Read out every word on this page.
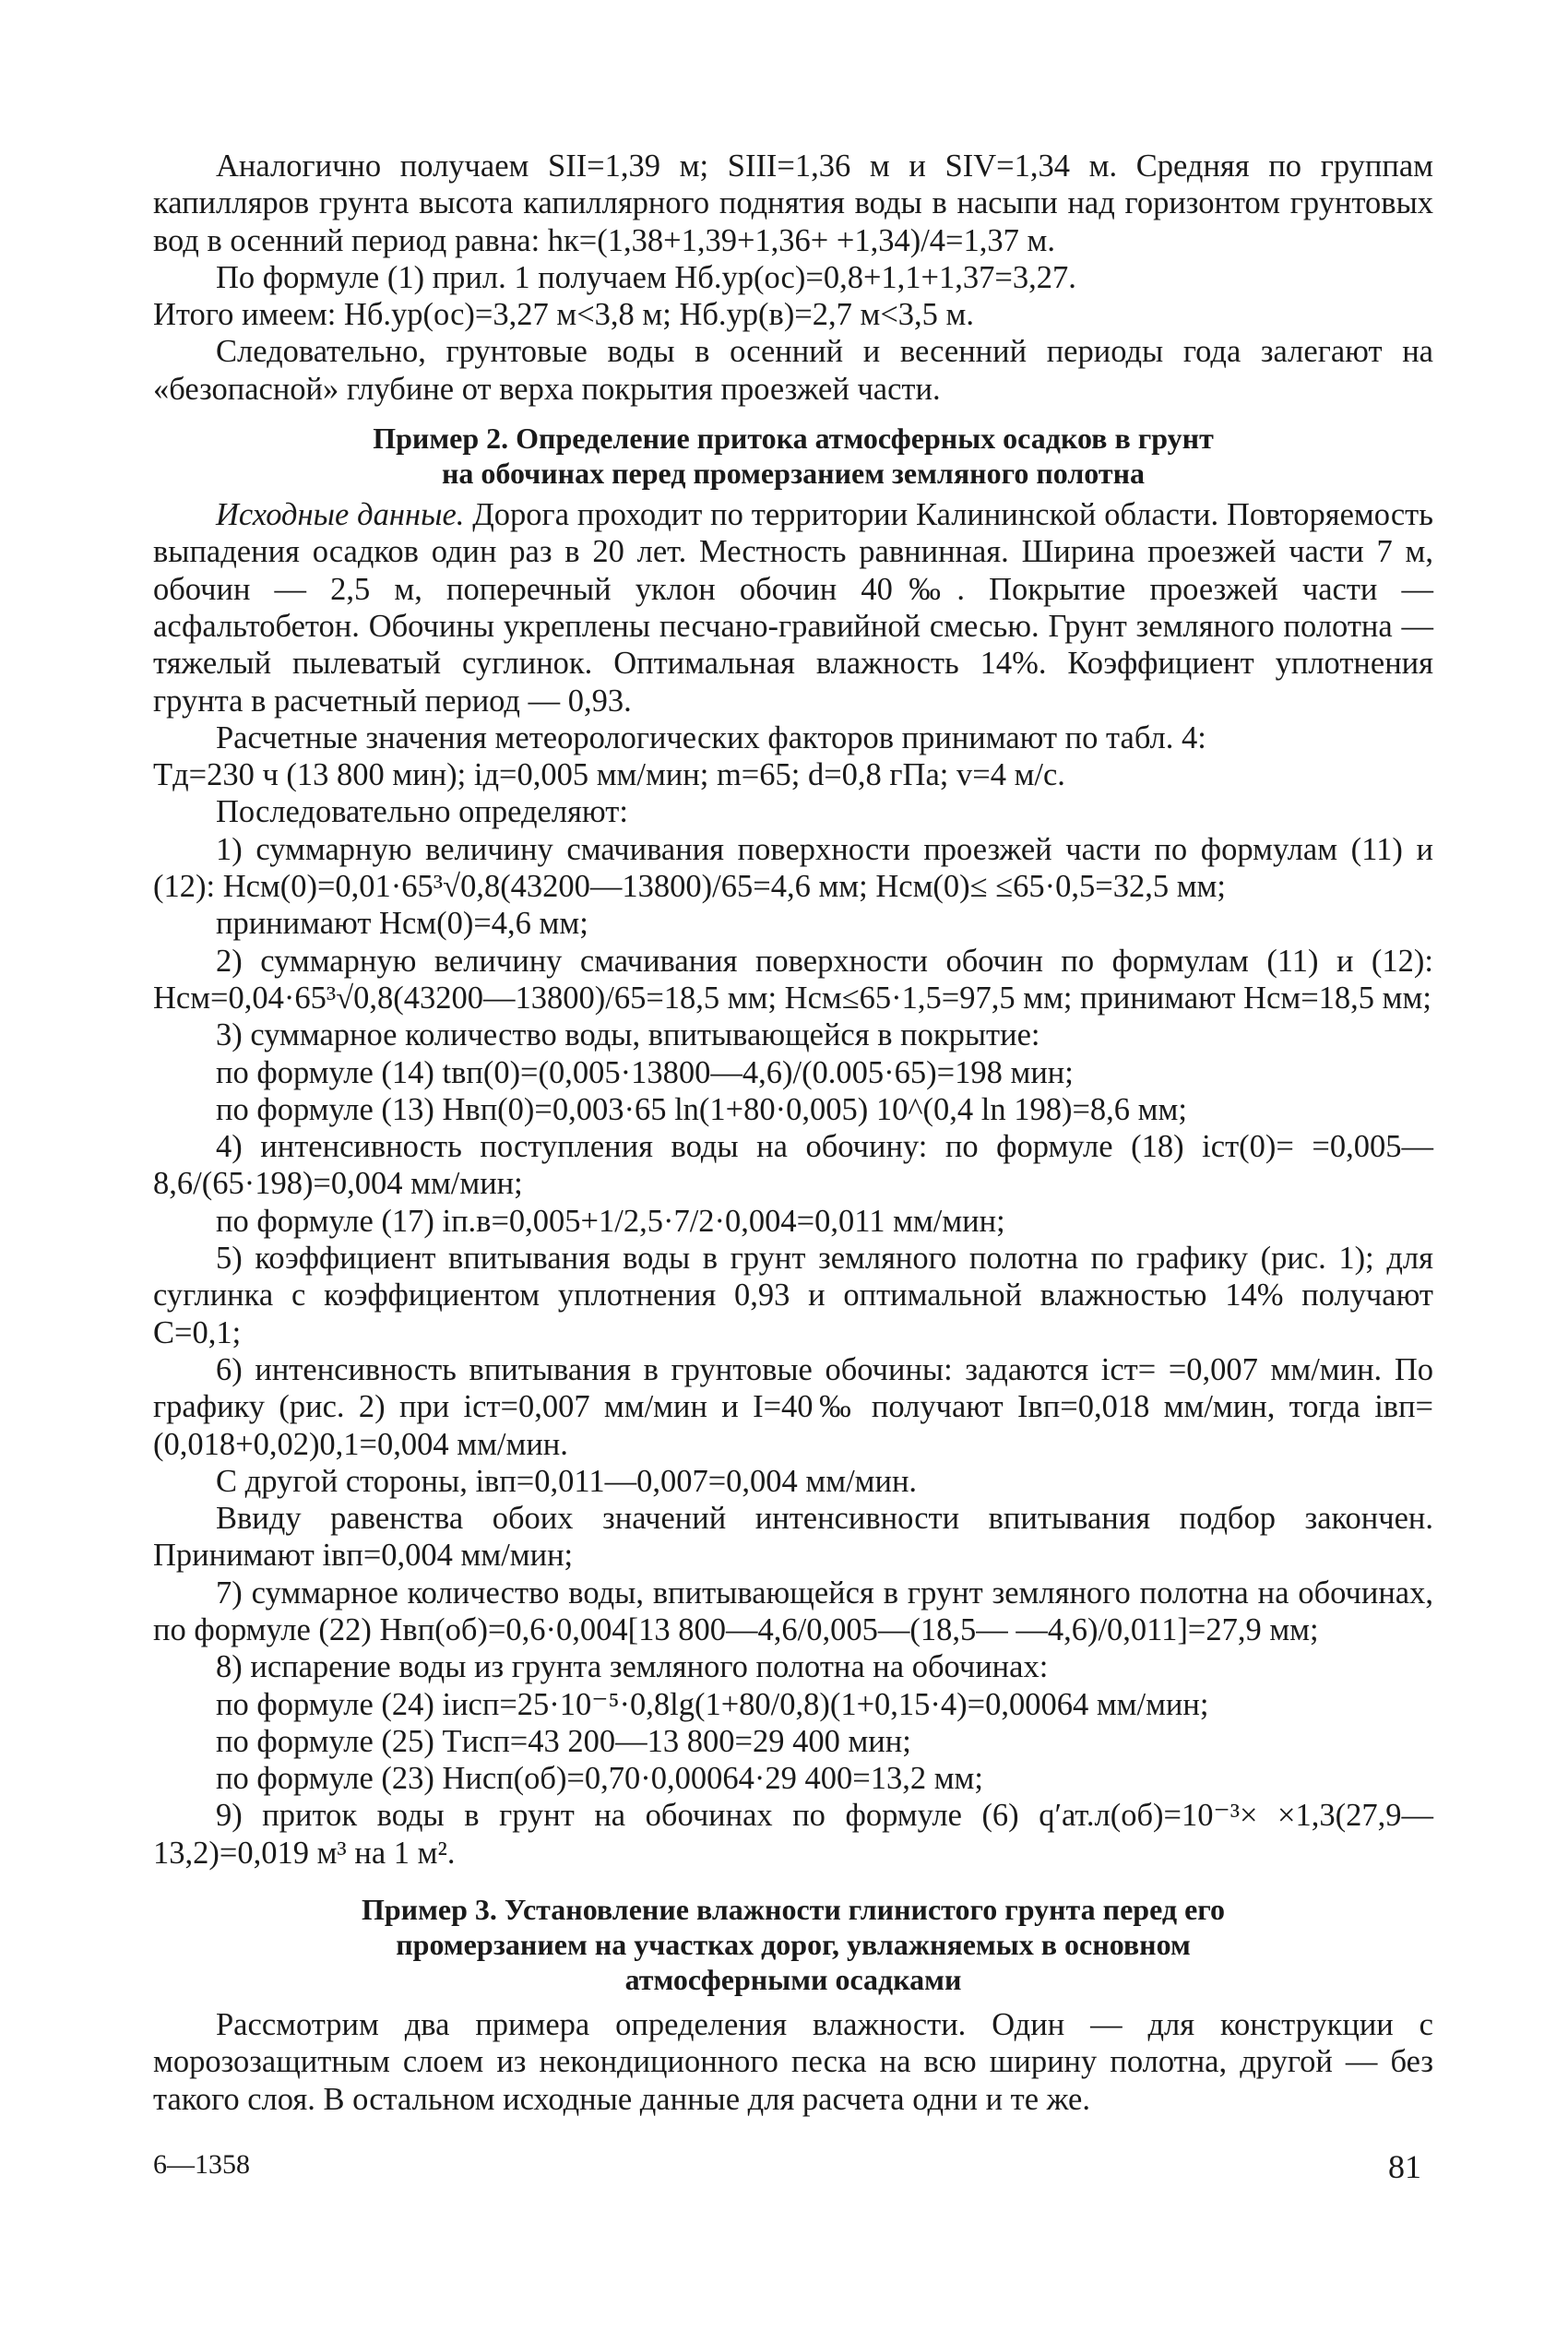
Аналогично получаем SII=1,39 м; SIII=1,36 м и SIV=1,34 м. Средняя по группам капилляров грунта высота капиллярного поднятия воды в насыпи над горизонтом грунтовых вод в осенний период равна: hк=(1,38+1,39+1,36+ +1,34)/4=1,37 м.

По формуле (1) прил. 1 получаем Hб.ур(ос)=0,8+1,1+1,37=3,27.

Итого имеем: Hб.ур(ос)=3,27 м<3,8 м; Hб.ур(в)=2,7 м<3,5 м.

Следовательно, грунтовые воды в осенний и весенний периоды года залегают на «безопасной» глубине от верха покрытия проезжей части.

Пример 2. Определение притока атмосферных осадков в грунт
на обочинах перед промерзанием земляного полотна

Исходные данные. Дорога проходит по территории Калининской области. Повторяемость выпадения осадков один раз в 20 лет. Местность равнинная. Ширина проезжей части 7 м, обочин — 2,5 м, поперечный уклон обочин 40‰. Покрытие проезжей части — асфальтобетон. Обочины укреплены песчано-гравийной смесью. Грунт земляного полотна — тяжелый пылеватый суглинок. Оптимальная влажность 14%. Коэффициент уплотнения грунта в расчетный период — 0,93.

Расчетные значения метеорологических факторов принимают по табл. 4:

Tд=230 ч (13 800 мин); iд=0,005 мм/мин; m=65; d=0,8 гПа; v=4 м/с.

Последовательно определяют:

1) суммарную величину смачивания поверхности проезжей части по формулам (11) и (12): Hсм(0)=0,01·65³√0,8(43200—13800)/65=4,6 мм; Hсм(0)≤ ≤65·0,5=32,5 мм;

принимают Hсм(0)=4,6 мм;

2) суммарную величину смачивания поверхности обочин по формулам (11) и (12): Hсм=0,04·65³√0,8(43200—13800)/65=18,5 мм; Hсм≤65·1,5=97,5 мм; принимают Hсм=18,5 мм;

3) суммарное количество воды, впитывающейся в покрытие:

по формуле (14) tвп(0)=(0,005·13800—4,6)/(0.005·65)=198 мин;

по формуле (13) Hвп(0)=0,003·65 ln(1+80·0,005) 10^(0,4 ln 198)=8,6 мм;

4) интенсивность поступления воды на обочину: по формуле (18) iст(0)= =0,005—8,6/(65·198)=0,004 мм/мин;

по формуле (17) iп.в=0,005+1/2,5·7/2·0,004=0,011 мм/мин;

5) коэффициент впитывания воды в грунт земляного полотна по графику (рис. 1); для суглинка с коэффициентом уплотнения 0,93 и оптимальной влажностью 14% получают C=0,1;

6) интенсивность впитывания в грунтовые обочины: задаются iст= =0,007 мм/мин. По графику (рис. 2) при iст=0,007 мм/мин и I=40‰ получают Iвп=0,018 мм/мин, тогда iвп=(0,018+0,02)0,1=0,004 мм/мин.

С другой стороны, iвп=0,011—0,007=0,004 мм/мин.

Ввиду равенства обоих значений интенсивности впитывания подбор закончен. Принимают iвп=0,004 мм/мин;

7) суммарное количество воды, впитывающейся в грунт земляного полотна на обочинах, по формуле (22) Hвп(об)=0,6·0,004[13 800—4,6/0,005—(18,5— —4,6)/0,011]=27,9 мм;

8) испарение воды из грунта земляного полотна на обочинах:

по формуле (24) iисп=25·10⁻⁵·0,8lg(1+80/0,8)(1+0,15·4)=0,00064 мм/мин;

по формуле (25) Tисп=43 200—13 800=29 400 мин;

по формуле (23) Hисп(об)=0,70·0,00064·29 400=13,2 мм;

9) приток воды в грунт на обочинах по формуле (6) q′ат.л(об)=10⁻³× ×1,3(27,9—13,2)=0,019 м³ на 1 м².

Пример 3. Установление влажности глинистого грунта перед его
промерзанием на участках дорог, увлажняемых в основном
атмосферными осадками

Рассмотрим два примера определения влажности. Один — для конструкции с морозозащитным слоем из некондиционного песка на всю ширину полотна, другой — без такого слоя. В остальном исходные данные для расчета одни и те же.

6—1358	81
